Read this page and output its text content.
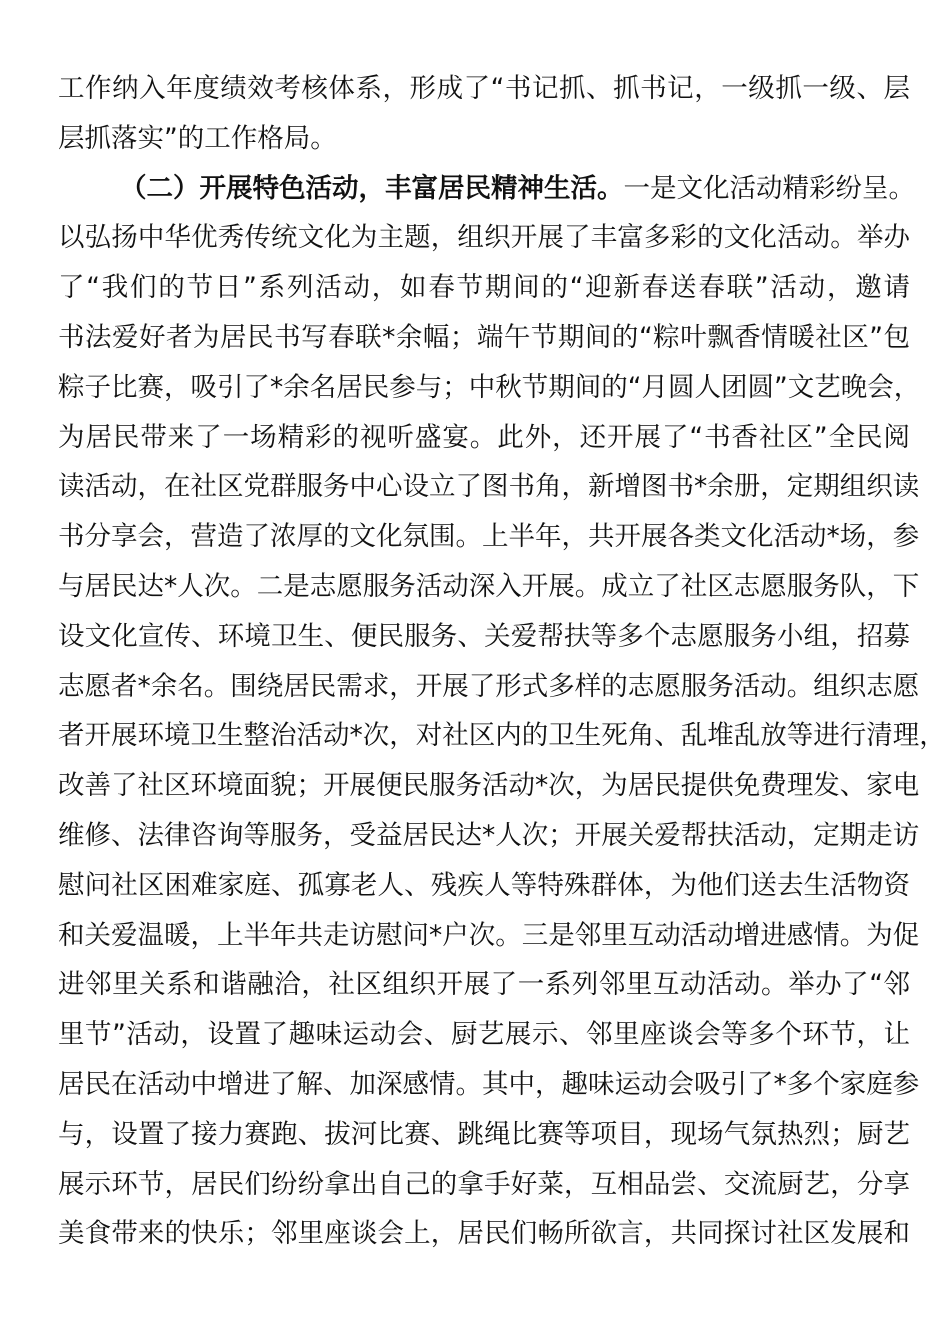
工作纳入年度绩效考核体系，形成了“书记抓、抓书记，一级抓一级、层
层抓落实”的工作格局。
（二）开展特色活动，丰富居民精神生活。一是文化活动精彩纷呈。
以弘扬中华优秀传统文化为主题，组织开展了丰富多彩的文化活动。举办
了“我们的节日”系列活动，如春节期间的“迎新春送春联”活动，邀请
书法爱好者为居民书写春联*余幅；端午节期间的“粽叶飘香情暖社区”包
粽子比赛，吸引了*余名居民参与；中秋节期间的“月圆人团圆”文艺晚会，
为居民带来了一场精彩的视听盛宴。此外，还开展了“书香社区”全民阅
读活动，在社区党群服务中心设立了图书角，新增图书*余册，定期组织读
书分享会，营造了浓厚的文化氛围。上半年，共开展各类文化活动*场，参
与居民达*人次。二是志愿服务活动深入开展。成立了社区志愿服务队，下
设文化宣传、环境卫生、便民服务、关爱帮扶等多个志愿服务小组，招募
志愿者*余名。围绕居民需求，开展了形式多样的志愿服务活动。组织志愿
者开展环境卫生整治活动*次，对社区内的卫生死角、乱堆乱放等进行清理，
改善了社区环境面貌；开展便民服务活动*次，为居民提供免费理发、家电
维修、法律咨询等服务，受益居民达*人次；开展关爱帮扶活动，定期走访
慰问社区困难家庭、孤寡老人、残疾人等特殊群体，为他们送去生活物资
和关爱温暖，上半年共走访慰问*户次。三是邻里互动活动增进感情。为促
进邻里关系和谐融洽，社区组织开展了一系列邻里互动活动。举办了“邻
里节”活动，设置了趣味运动会、厨艺展示、邻里座谈会等多个环节，让
居民在活动中增进了解、加深感情。其中，趣味运动会吸引了*多个家庭参
与，设置了接力赛跑、拔河比赛、跳绳比赛等项目，现场气氛热烈；厨艺
展示环节，居民们纷纷拿出自己的拿手好菜，互相品尝、交流厨艺，分享
美食带来的快乐；邻里座谈会上，居民们畅所欲言，共同探讨社区发展和
